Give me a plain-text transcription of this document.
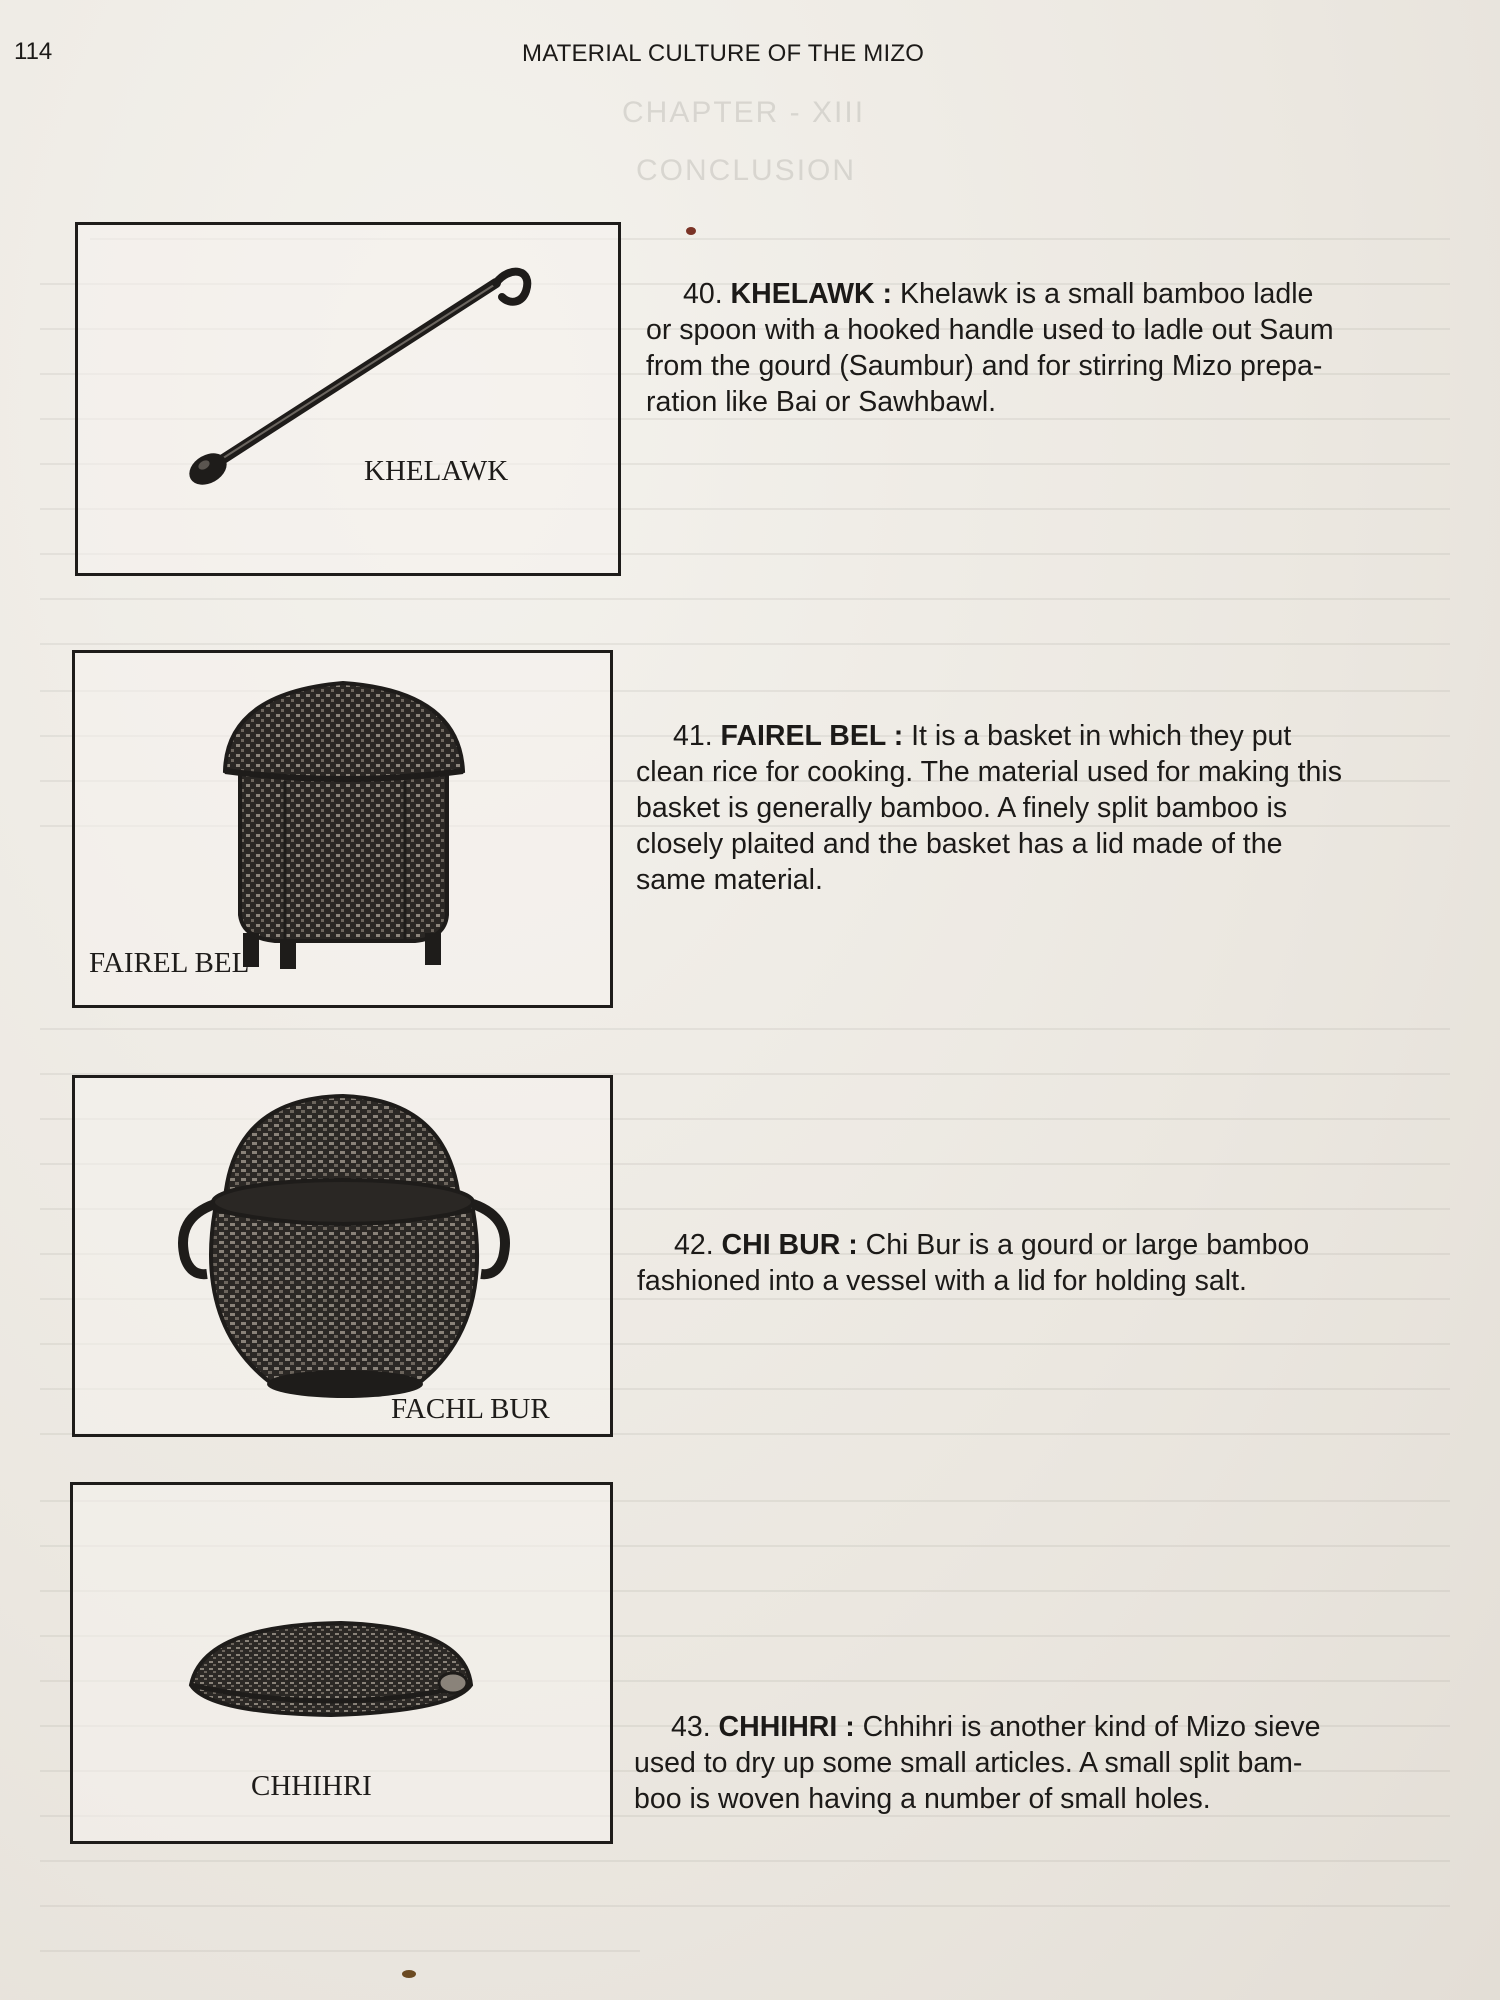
114	MATERIAL CULTURE OF THE MIZO
CHAPTER - XIII
CONCLUSION
KHELAWK
FAIREL BEL
FACHL BUR
CHHIHRI
40. KHELAWK : Khelawk is a small bamboo ladle
or spoon with a hooked handle used to ladle out Saum
from the gourd (Saumbur) and for stirring Mizo prepa-
ration like Bai or Sawhbawl.
41. FAIREL BEL : It is a basket in which they put
clean rice for cooking. The material used for making this
basket is generally bamboo. A finely split bamboo is
closely plaited and the basket has a lid made of the
same material.
42. CHI BUR : Chi Bur is a gourd or large bamboo
fashioned into a vessel with a lid for holding salt.
43. CHHIHRI : Chhihri is another kind of Mizo sieve
used to dry up some small articles. A small split bam-
boo is woven having a number of small holes.
